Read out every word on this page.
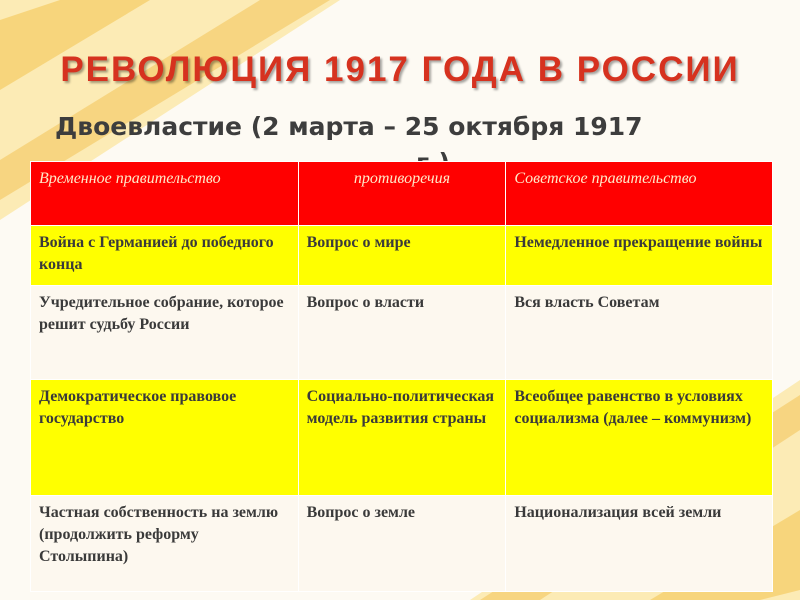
РЕВОЛЮЦИЯ 1917 ГОДА В РОССИИ
Двоевластие (2 марта – 25 октября 1917
Временное правительство	противоречия	Советское правительство
Война с Германией до победного конца	Вопрос о мире	Немедленное прекращение войны
Учредительное собрание, которое решит судьбу России	Вопрос о власти	Вся власть Советам
Демократическое правовое государство	Социально-политическая модель развития страны	Всеобщее равенство в условиях социализма (далее – коммунизм)
Частная собственность на землю (продолжить реформу Столыпина)	Вопрос о земле	Национализация всей земли
